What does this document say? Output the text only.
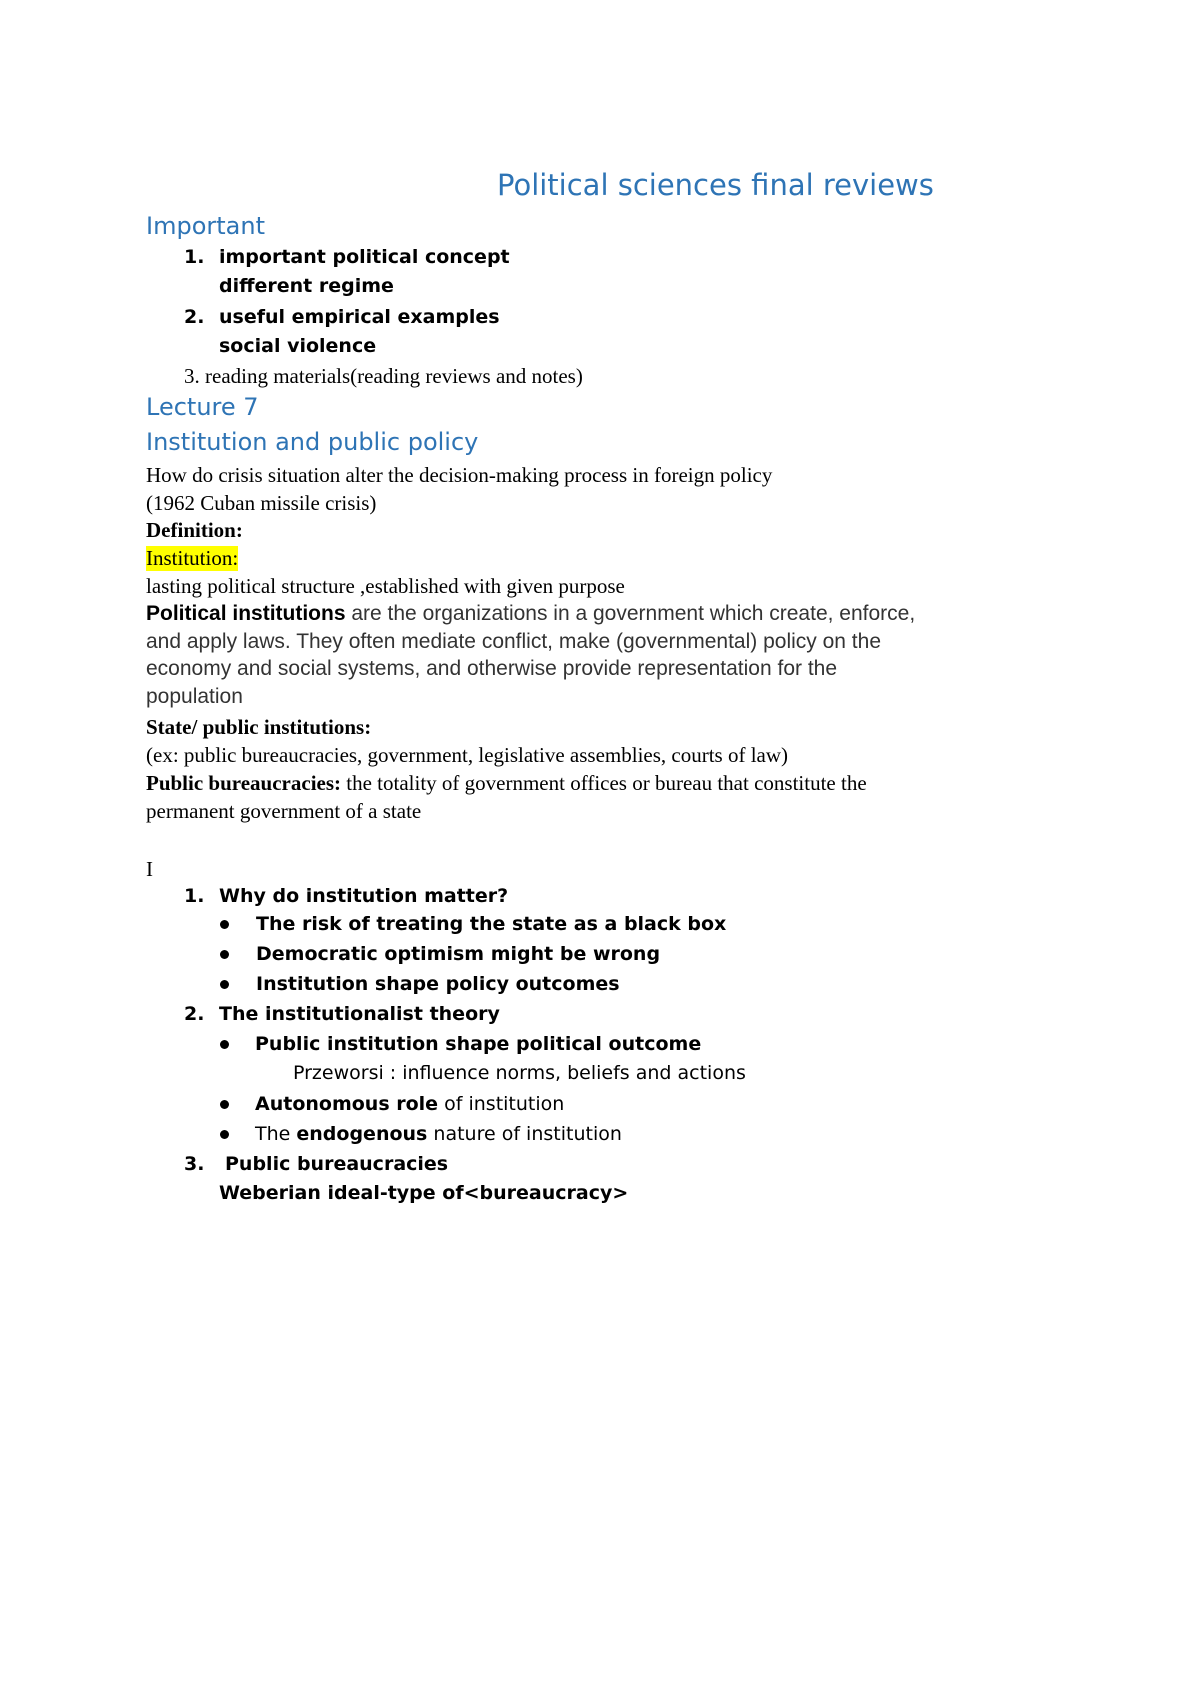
Political sciences final reviews
Important
1. important political concept
different regime
2. useful empirical examples
social violence
3. reading materials(reading reviews and notes)
Lecture 7
Institution and public policy
How do crisis situation alter the decision-making process in foreign policy
(1962 Cuban missile crisis)
Definition:
Institution:
lasting political structure ,established with given purpose
Political institutions are the organizations in a government which create, enforce,
and apply laws. They often mediate conflict, make (governmental) policy on the
economy and social systems, and otherwise provide representation for the
population
State/ public institutions:
(ex: public bureaucracies, government, legislative assemblies, courts of law)
Public bureaucracies: the totality of government offices or bureau that constitute the
permanent government of a state
I
1. Why do institution matter?
The risk of treating the state as a black box
Democratic optimism might be wrong
Institution shape policy outcomes
2. The institutionalist theory
Public institution shape political outcome
Przeworsi : influence norms, beliefs and actions
Autonomous role of institution
The endogenous nature of institution
3. Public bureaucracies
Weberian ideal-type of<bureaucracy>
